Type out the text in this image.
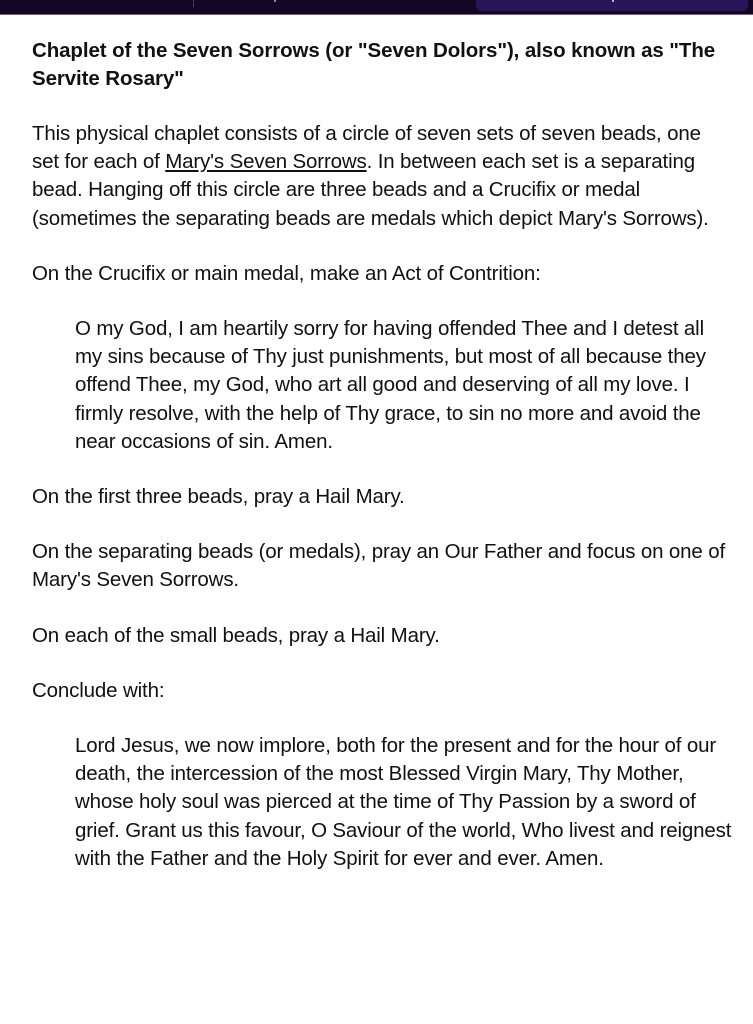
Chaplet of the Seven Sorrows (or "Seven Dolors"), also known as "The Servite Rosary"

This physical chaplet consists of a circle of seven sets of seven beads, one set for each of Mary's Seven Sorrows. In between each set is a separating bead. Hanging off this circle are three beads and a Crucifix or medal (sometimes the separating beads are medals which depict Mary's Sorrows).

On the Crucifix or main medal, make an Act of Contrition:

O my God, I am heartily sorry for having offended Thee and I detest all my sins because of Thy just punishments, but most of all because they offend Thee, my God, who art all good and deserving of all my love. I firmly resolve, with the help of Thy grace, to sin no more and avoid the near occasions of sin. Amen.

On the first three beads, pray a Hail Mary.

On the separating beads (or medals), pray an Our Father and focus on one of Mary's Seven Sorrows.

On each of the small beads, pray a Hail Mary.

Conclude with:

Lord Jesus, we now implore, both for the present and for the hour of our death, the intercession of the most Blessed Virgin Mary, Thy Mother, whose holy soul was pierced at the time of Thy Passion by a sword of grief. Grant us this favour, O Saviour of the world, Who livest and reignest with the Father and the Holy Spirit for ever and ever. Amen.
